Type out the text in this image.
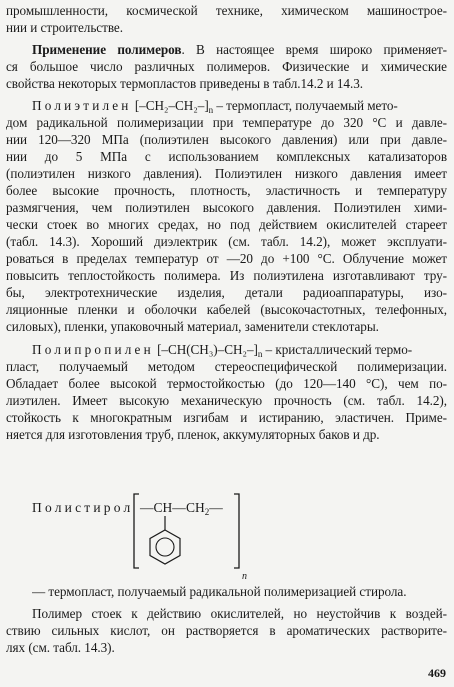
промышленности, космической технике, химическом машинострое-
нии и строительстве.
Применение полимеров. В настоящее время широко применяет-
ся большое число различных полимеров. Физические и химические
свойства некоторых термопластов приведены в табл.14.2 и 14.3.
Полиэтилен $[-CH_2-CH_2-]_n$ – термопласт, получаемый мето-
дом радикальной полимеризации при температуре до 320 °С и давле-
нии 120—320 МПа (полиэтилен высокого давления) или при давле-
нии до 5 МПа с использованием комплексных катализаторов
(полиэтилен низкого давления). Полиэтилен низкого давления имеет
более высокие прочность, плотность, эластичность и температуру
размягчения, чем полиэтилен высокого давления. Полиэтилен хими-
чески стоек во многих средах, но под действием окислителей стареет
(табл. 14.3). Хороший диэлектрик (см. табл. 14.2), может эксплуати-
роваться в пределах температур от —20 до +100 °С. Облучение может
повысить теплостойкость полимера. Из полиэтилена изготавливают тру-
бы, электротехнические изделия, детали радиоаппаратуры, изо-
ляционные пленки и оболочки кабелей (высокочастотных, телефонных,
силовых), пленки, упаковочный материал, заменители стеклотары.
Полипропилен $[-CH(CH_3)-CH_2-]_n$ – кристаллический термо-
пласт, получаемый методом стереоспецифической полимеризации.
Обладает более высокой термостойкостью (до 120—140 °С), чем по-
лиэтилен. Имеет высокую механическую прочность (см. табл. 14.2),
стойкость к многократным изгибам и истиранию, эластичен. Приме-
няется для изготовления труб, пленок, аккумуляторных баков и др.
Полистирол —CH— $CH_2—$
n
— термопласт, получаемый радикальной полимеризацией стирола.
Полимер стоек к действию окислителей, но неустойчив к воздей-
ствию сильных кислот, он растворяется в ароматических растворите-
лях (см. табл. 14.3).
469
